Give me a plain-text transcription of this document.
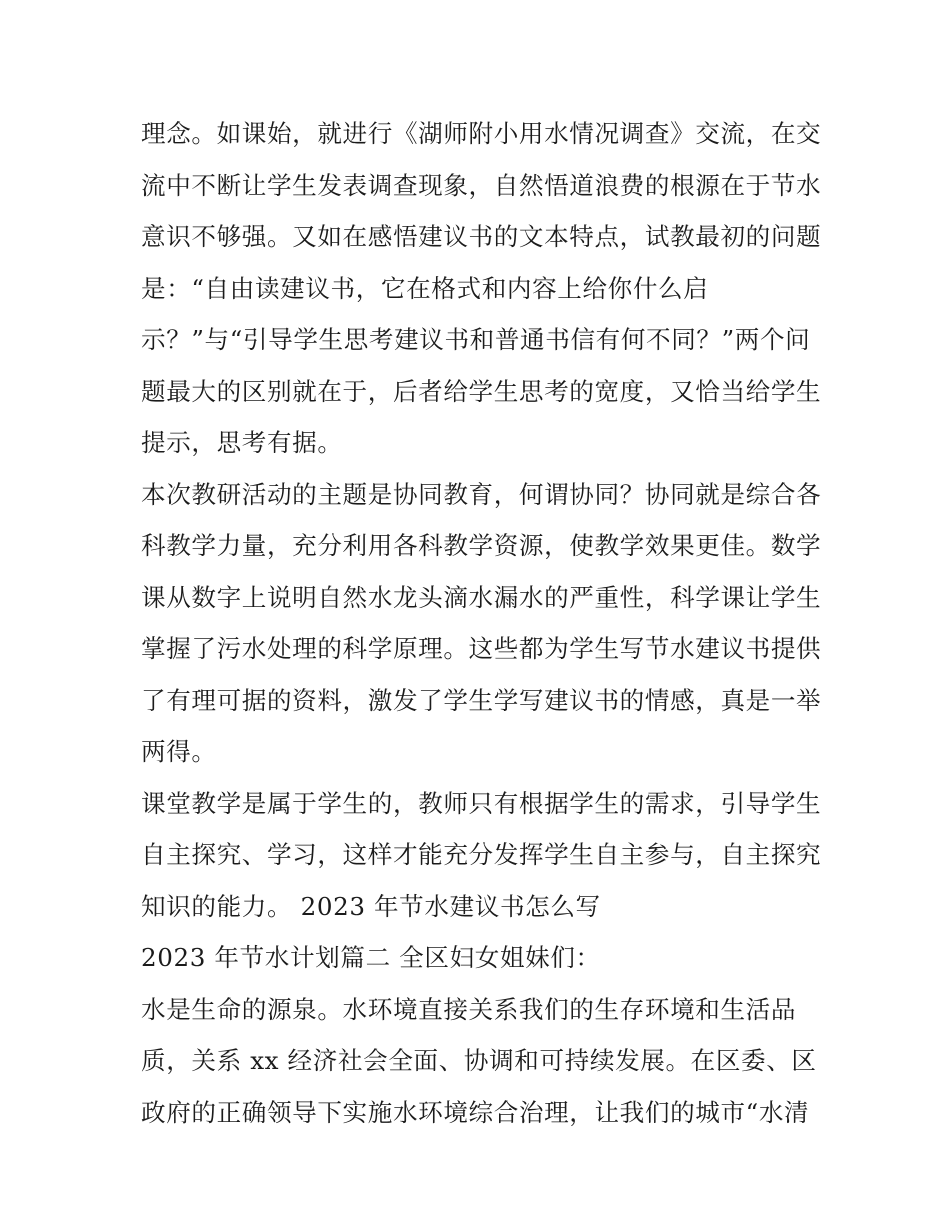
理念。如课始，就进行《湖师附小用水情况调查》交流，在交
流中不断让学生发表调查现象，自然悟道浪费的根源在于节水
意识不够强。又如在感悟建议书的文本特点，试教最初的问题
是：“自由读建议书，它在格式和内容上给你什么启
示？”与“引导学生思考建议书和普通书信有何不同？”两个问
题最大的区别就在于，后者给学生思考的宽度，又恰当给学生
提示，思考有据。
本次教研活动的主题是协同教育，何谓协同？协同就是综合各
科教学力量，充分利用各科教学资源，使教学效果更佳。数学
课从数字上说明自然水龙头滴水漏水的严重性，科学课让学生
掌握了污水处理的科学原理。这些都为学生写节水建议书提供
了有理可据的资料，激发了学生学写建议书的情感，真是一举
两得。
课堂教学是属于学生的，教师只有根据学生的需求，引导学生
自主探究、学习，这样才能充分发挥学生自主参与，自主探究
知识的能力。 2023 年节水建议书怎么写
2023 年节水计划篇二 全区妇女姐妹们：
水是生命的源泉。水环境直接关系我们的生存环境和生活品
质，关系 xx 经济社会全面、协调和可持续发展。在区委、区
政府的正确领导下实施水环境综合治理，让我们的城市“水清
